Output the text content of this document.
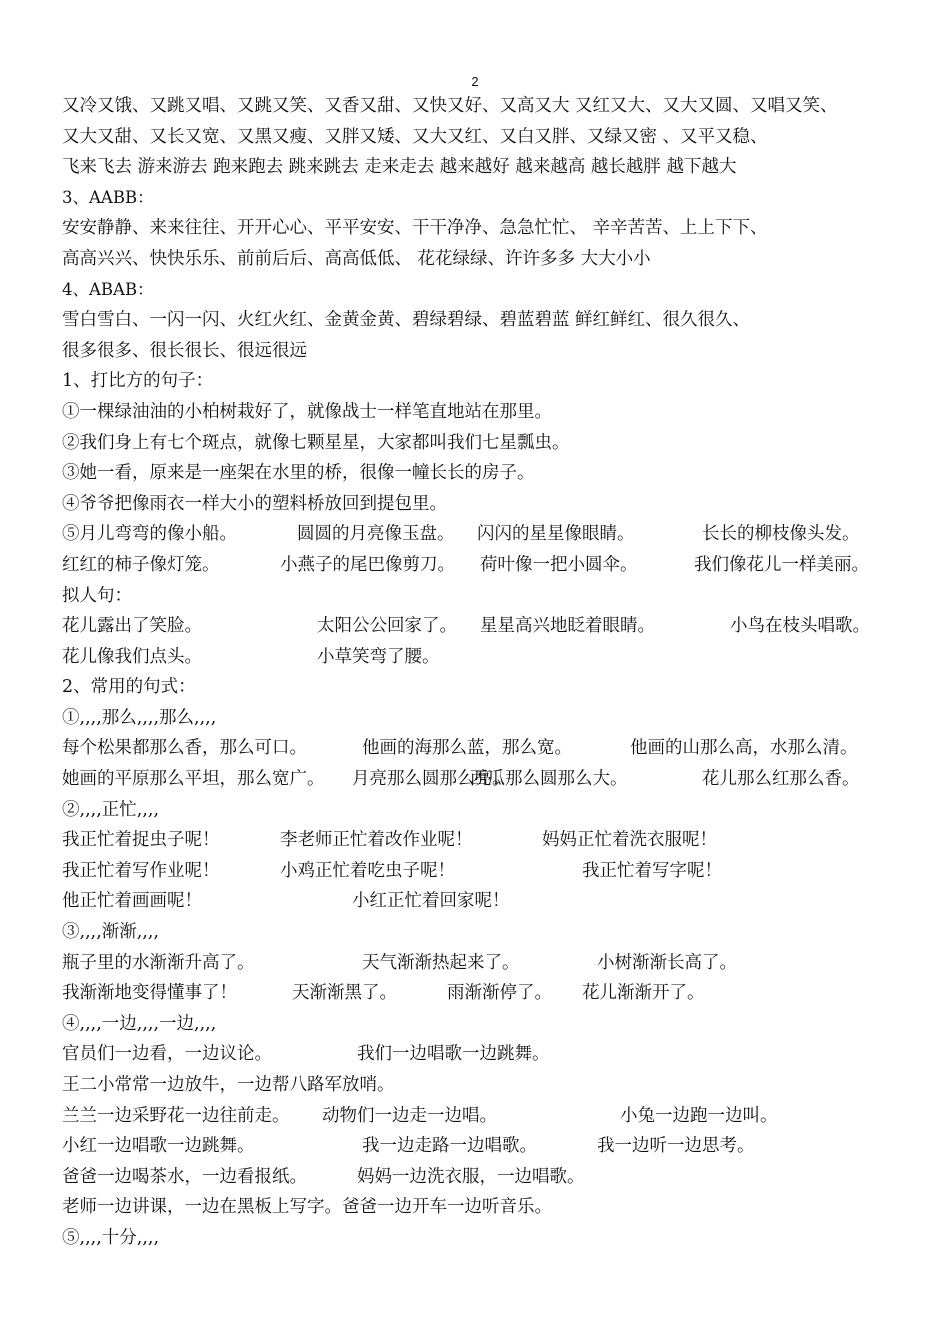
2
又冷又饿、又跳又唱、又跳又笑、又香又甜、又快又好、又高又大 又红又大、又大又圆、又唱又笑、
又大又甜、又长又宽、又黑又瘦、又胖又矮、又大又红、又白又胖、又绿又密 、又平又稳、
飞来飞去 游来游去 跑来跑去 跳来跳去 走来走去 越来越好 越来越高 越长越胖 越下越大
3、AABB：
安安静静、来来往往、开开心心、平平安安、干干净净、急急忙忙、 辛辛苦苦、上上下下、
高高兴兴、快快乐乐、前前后后、高高低低、 花花绿绿、许许多多 大大小小
4、ABAB：
雪白雪白、一闪一闪、火红火红、金黄金黄、碧绿碧绿、碧蓝碧蓝 鲜红鲜红、很久很久、
很多很多、很长很长、很远很远
1、打比方的句子：
①一棵绿油油的小柏树栽好了，就像战士一样笔直地站在那里。
②我们身上有七个斑点，就像七颗星星，大家都叫我们七星瓢虫。
③她一看，原来是一座架在水里的桥，很像一幢长长的房子。
④爷爷把像雨衣一样大小的塑料桥放回到提包里。
⑤月儿弯弯的像小船。	圆圆的月亮像玉盘。 闪闪的星星像眼睛。	长长的柳枝像头发。
红红的柿子像灯笼。	小燕子的尾巴像剪刀。 荷叶像一把小圆伞。	我们像花儿一样美丽。
拟人句：
花儿露出了笑脸。	太阳公公回家了。 星星高兴地眨着眼睛。	小鸟在枝头唱歌。
花儿像我们点头。	小草笑弯了腰。
2、常用的句式：
①,,,,那么,,,,那么,,,,
每个松果都那么香，那么可口。	他画的海那么蓝，那么宽。	他画的山那么高，水那么清。
她画的平原那么平坦，那么宽广。 月亮那么圆那么亮。
西瓜那么圆那么大。	花儿那么红那么香。
②,,,,正忙,,,,
我正忙着捉虫子呢！	李老师正忙着改作业呢！	妈妈正忙着洗衣服呢！
我正忙着写作业呢！	小鸡正忙着吃虫子呢！	我正忙着写字呢！
他正忙着画画呢！	小红正忙着回家呢！
③,,,,渐渐,,,,
瓶子里的水渐渐升高了。	天气渐渐热起来了。	小树渐渐长高了。
我渐渐地变得懂事了！	天渐渐黑了。	雨渐渐停了。 花儿渐渐开了。
④,,,,一边,,,,一边,,,,
官员们一边看，一边议论。	我们一边唱歌一边跳舞。
王二小常常一边放牛，一边帮八路军放哨。
兰兰一边采野花一边往前走。 动物们一边走一边唱。	小兔一边跑一边叫。
小红一边唱歌一边跳舞。	我一边走路一边唱歌。	我一边听一边思考。
爸爸一边喝茶水，一边看报纸。	妈妈一边洗衣服，一边唱歌。
老师一边讲课，一边在黑板上写字。爸爸一边开车一边听音乐。
⑤,,,,十分,,,,
